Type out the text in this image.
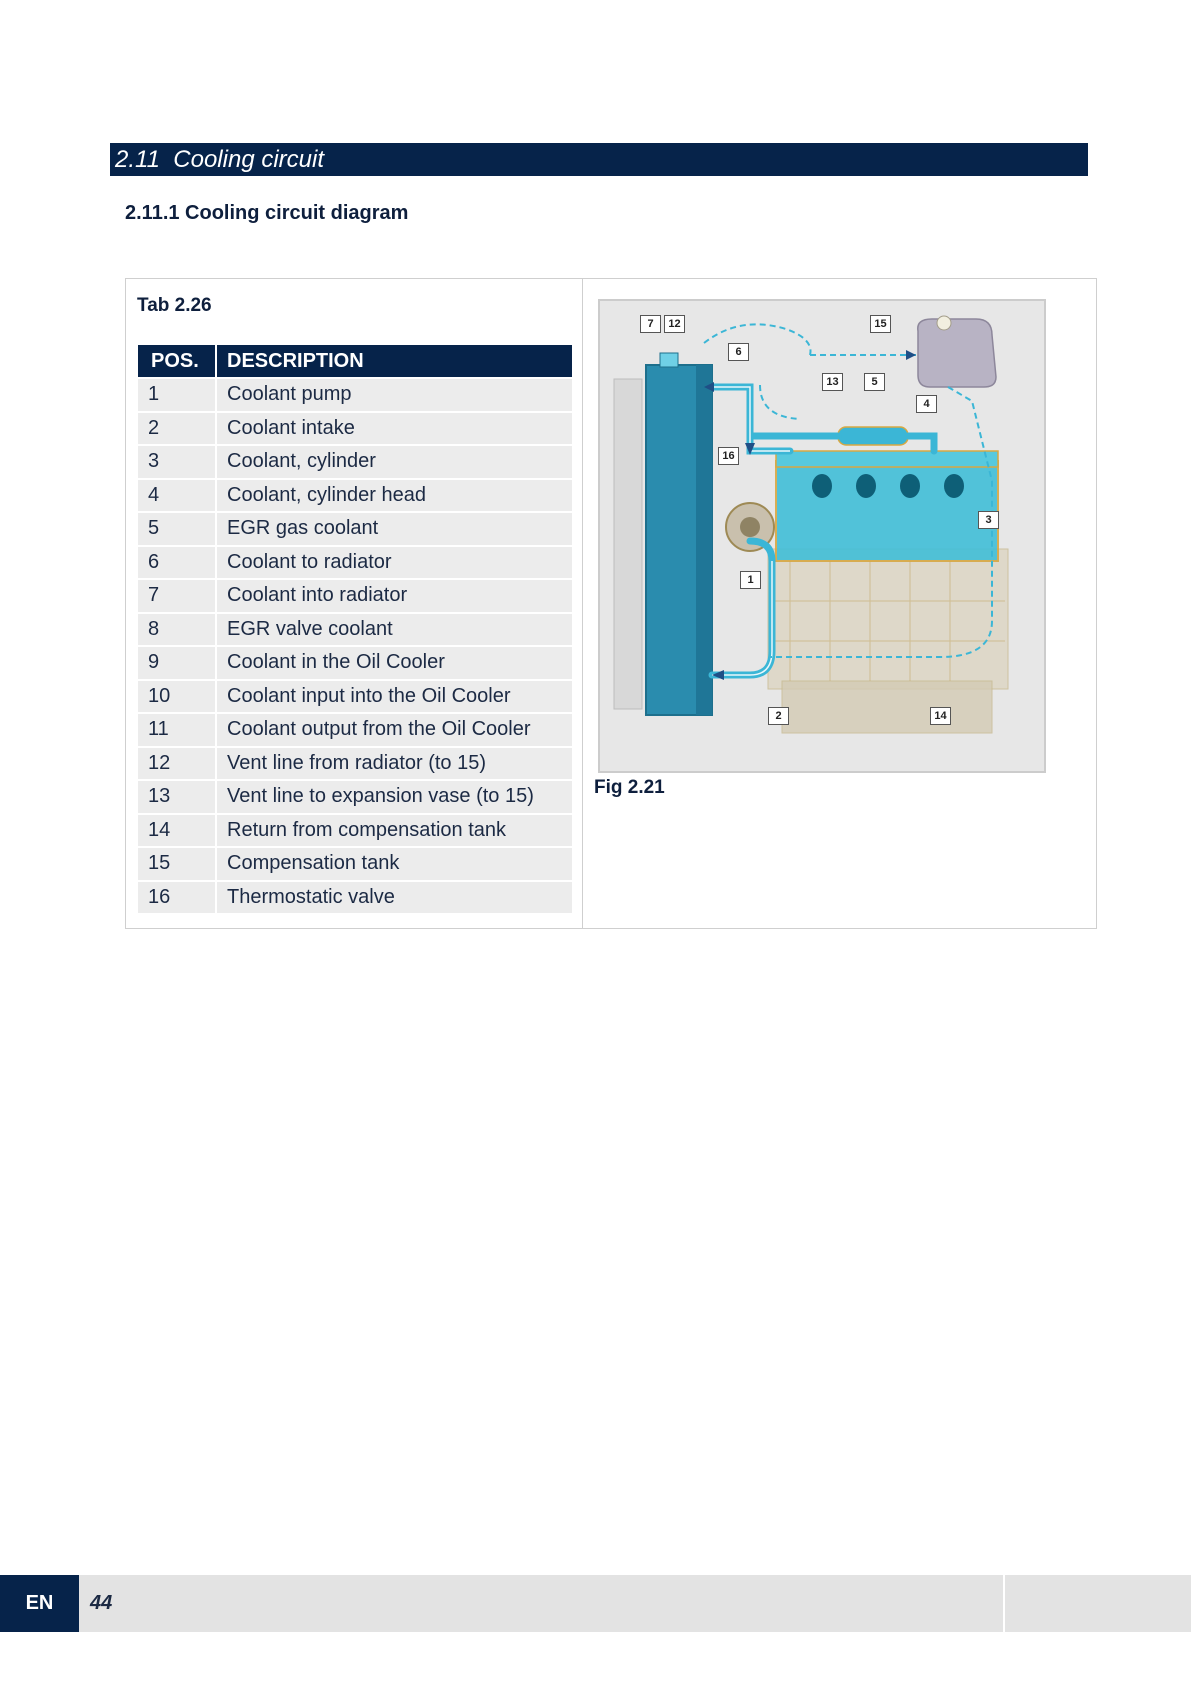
2.11 Cooling circuit
2.11.1 Cooling circuit diagram
Tab 2.26
POS.	DESCRIPTION
1	Coolant pump
2	Coolant intake
3	Coolant, cylinder
4	Coolant, cylinder head
5	EGR gas coolant
6	Coolant to radiator
7	Coolant into radiator
8	EGR valve coolant
9	Coolant in the Oil Cooler
10	Coolant input into the Oil Cooler
11	Coolant output from the Oil Cooler
12	Vent line from radiator (to 15)
13	Vent line to expansion vase (to 15)
14	Return from compensation tank
15	Compensation tank
16	Thermostatic valve
1
2
3
4
5
6
7	12
13
14
15
16
Fig 2.21
EN	44
